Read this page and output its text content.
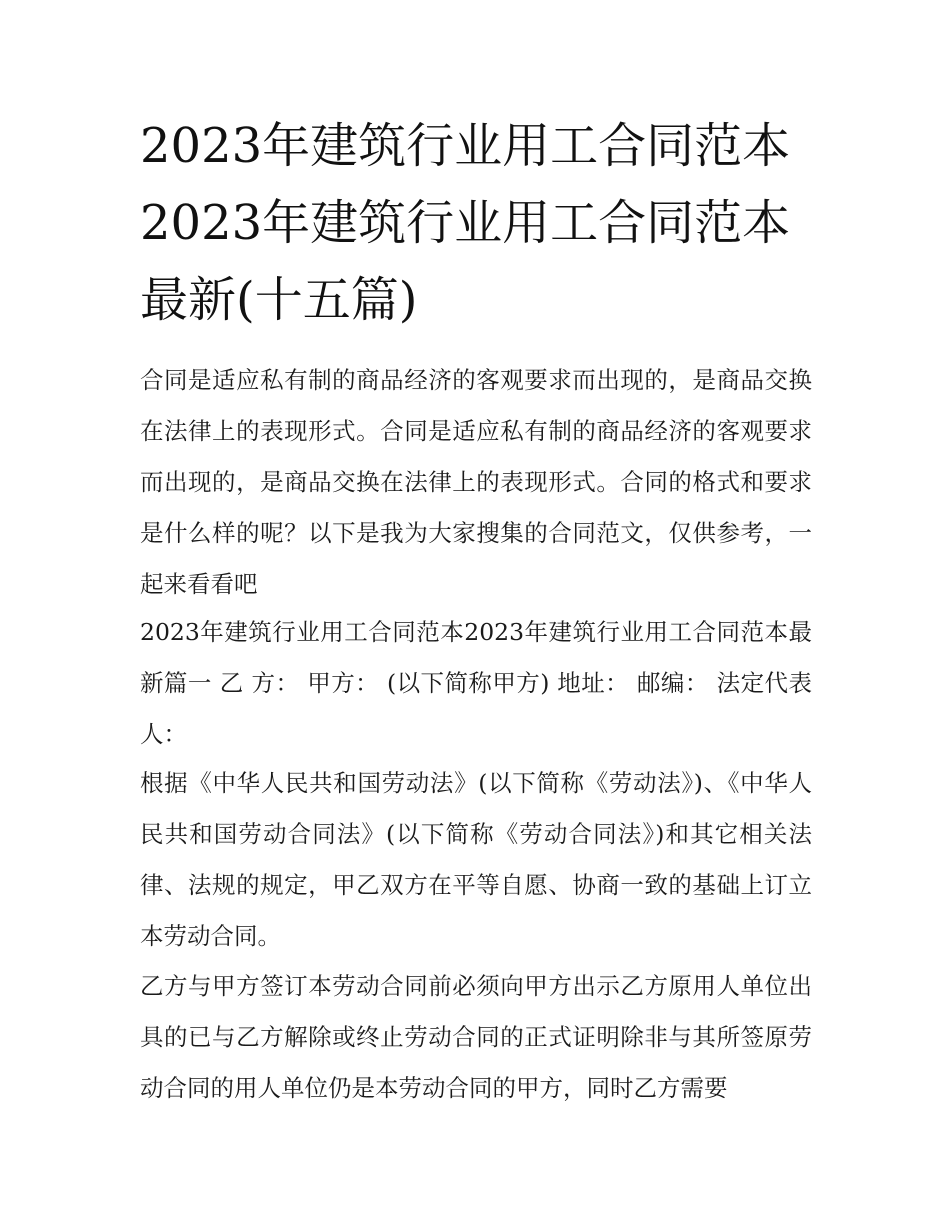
2023年建筑行业用工合同范本2023年建筑行业用工合同范本最新(十五篇)

合同是适应私有制的商品经济的客观要求而出现的，是商品交换在法律上的表现形式。合同是适应私有制的商品经济的客观要求而出现的，是商品交换在法律上的表现形式。合同的格式和要求是什么样的呢？以下是我为大家搜集的合同范文，仅供参考，一起来看看吧

2023年建筑行业用工合同范本2023年建筑行业用工合同范本最新篇一 乙 方： 甲方： (以下简称甲方) 地址： 邮编： 法定代表人：

根据《中华人民共和国劳动法》(以下简称《劳动法》)、《中华人民共和国劳动合同法》(以下简称《劳动合同法》)和其它相关法律、法规的规定，甲乙双方在平等自愿、协商一致的基础上订立本劳动合同。

乙方与甲方签订本劳动合同前必须向甲方出示乙方原用人单位出具的已与乙方解除或终止劳动合同的正式证明除非与其所签原劳动合同的用人单位仍是本劳动合同的甲方，同时乙方需要
